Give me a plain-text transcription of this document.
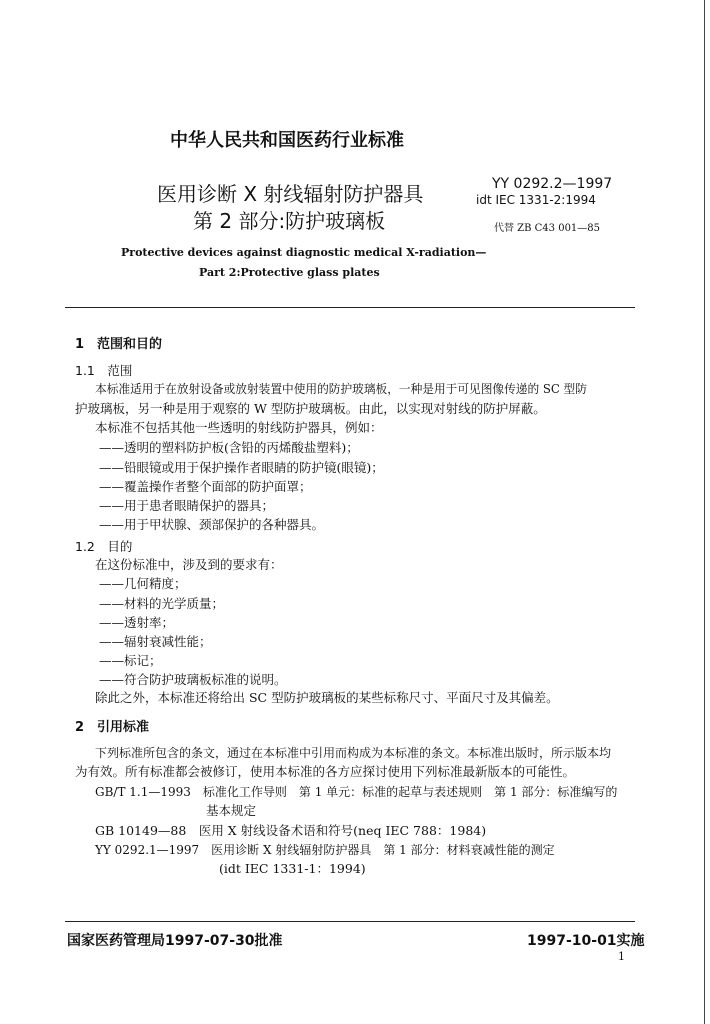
中华人民共和国医药行业标准
医用诊断 X 射线辐射防护器具
第 2 部分:防护玻璃板
YY 0292.2—1997
idt IEC 1331-2:1994
代替 ZB C43 001—85
Protective devices against diagnostic medical X-radiation—
Part 2:Protective glass plates
1　范围和目的
1.1　范围
本标准适用于在放射设备或放射装置中使用的防护玻璃板，一种是用于可见图像传递的 SC 型防
护玻璃板，另一种是用于观察的 W 型防护玻璃板。由此，以实现对射线的防护屏蔽。
本标准不包括其他一些透明的射线防护器具，例如：
——透明的塑料防护板(含铅的丙烯酸盐塑料)；
——铅眼镜或用于保护操作者眼睛的防护镜(眼镜)；
——覆盖操作者整个面部的防护面罩；
——用于患者眼睛保护的器具；
——用于甲状腺、颈部保护的各种器具。
1.2　目的
在这份标准中，涉及到的要求有：
——几何精度；
——材料的光学质量；
——透射率；
——辐射衰减性能；
——标记；
——符合防护玻璃板标准的说明。
除此之外，本标准还将给出 SC 型防护玻璃板的某些标称尺寸、平面尺寸及其偏差。
2　引用标准
下列标准所包含的条文，通过在本标准中引用而构成为本标准的条文。本标准出版时，所示版本均
为有效。所有标准都会被修订，使用本标准的各方应探讨使用下列标准最新版本的可能性。
GB/T 1.1—1993　标准化工作导则　第 1 单元：标准的起草与表述规则　第 1 部分：标准编写的
基本规定
GB 10149—88　医用 X 射线设备术语和符号(neq IEC 788：1984)
YY 0292.1—1997　医用诊断 X 射线辐射防护器具　第 1 部分：材料衰减性能的测定
(idt IEC 1331-1：1994)
国家医药管理局1997-07-30批准	1997-10-01实施
1
